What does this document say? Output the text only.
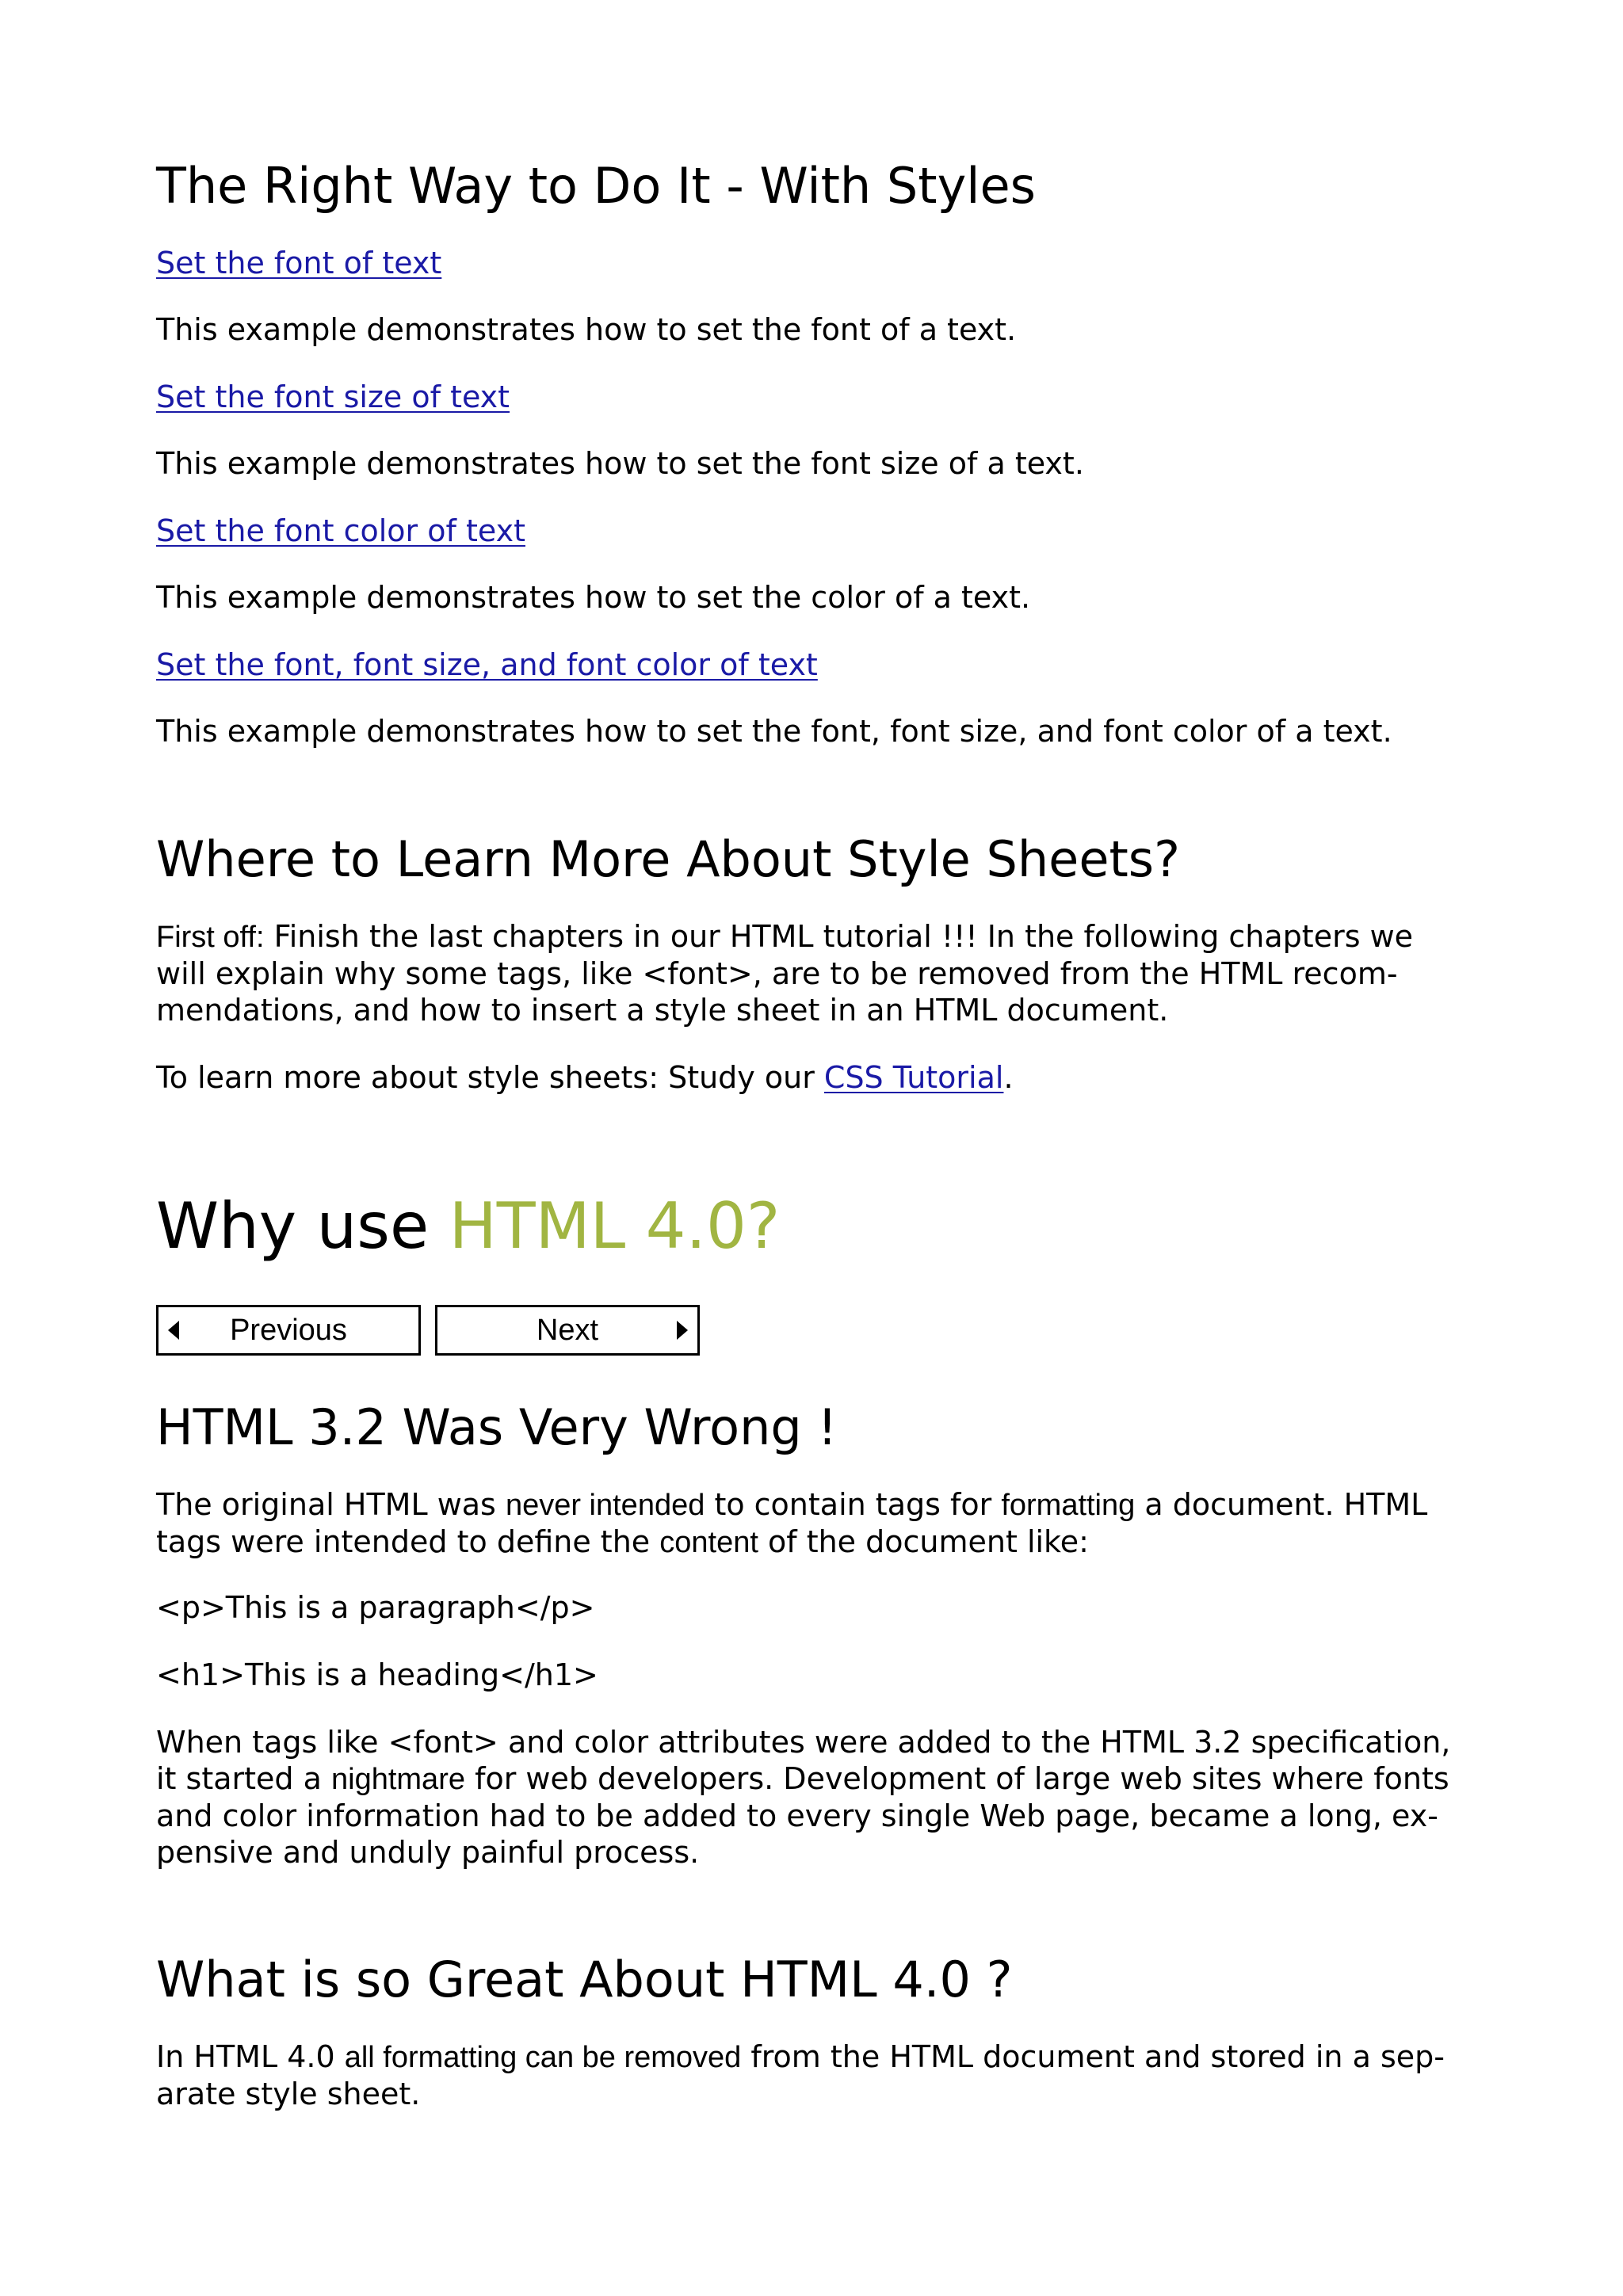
The Right Way to Do It - With Styles

Set the font of text

This example demonstrates how to set the font of a text.

Set the font size of text

This example demonstrates how to set the font size of a text.

Set the font color of text

This example demonstrates how to set the color of a text.

Set the font, font size, and font color of text

This example demonstrates how to set the font, font size, and font color of a text.

Where to Learn More About Style Sheets?

First off: Finish the last chapters in our HTML tutorial !!! In the following chapters we
will explain why some tags, like <font>, are to be removed from the HTML recom-
mendations, and how to insert a style sheet in an HTML document.

To learn more about style sheets: Study our CSS Tutorial.

Why use HTML 4.0?
Previous	Next
HTML 3.2 Was Very Wrong !

The original HTML was never intended to contain tags for formatting a document. HTML
tags were intended to define the content of the document like:

<p>This is a paragraph</p>

<h1>This is a heading</h1>

When tags like <font> and color attributes were added to the HTML 3.2 specification,
it started a nightmare for web developers. Development of large web sites where fonts
and color information had to be added to every single Web page, became a long, ex-
pensive and unduly painful process.

What is so Great About HTML 4.0 ?

In HTML 4.0 all formatting can be removed from the HTML document and stored in a sep-
arate style sheet.
